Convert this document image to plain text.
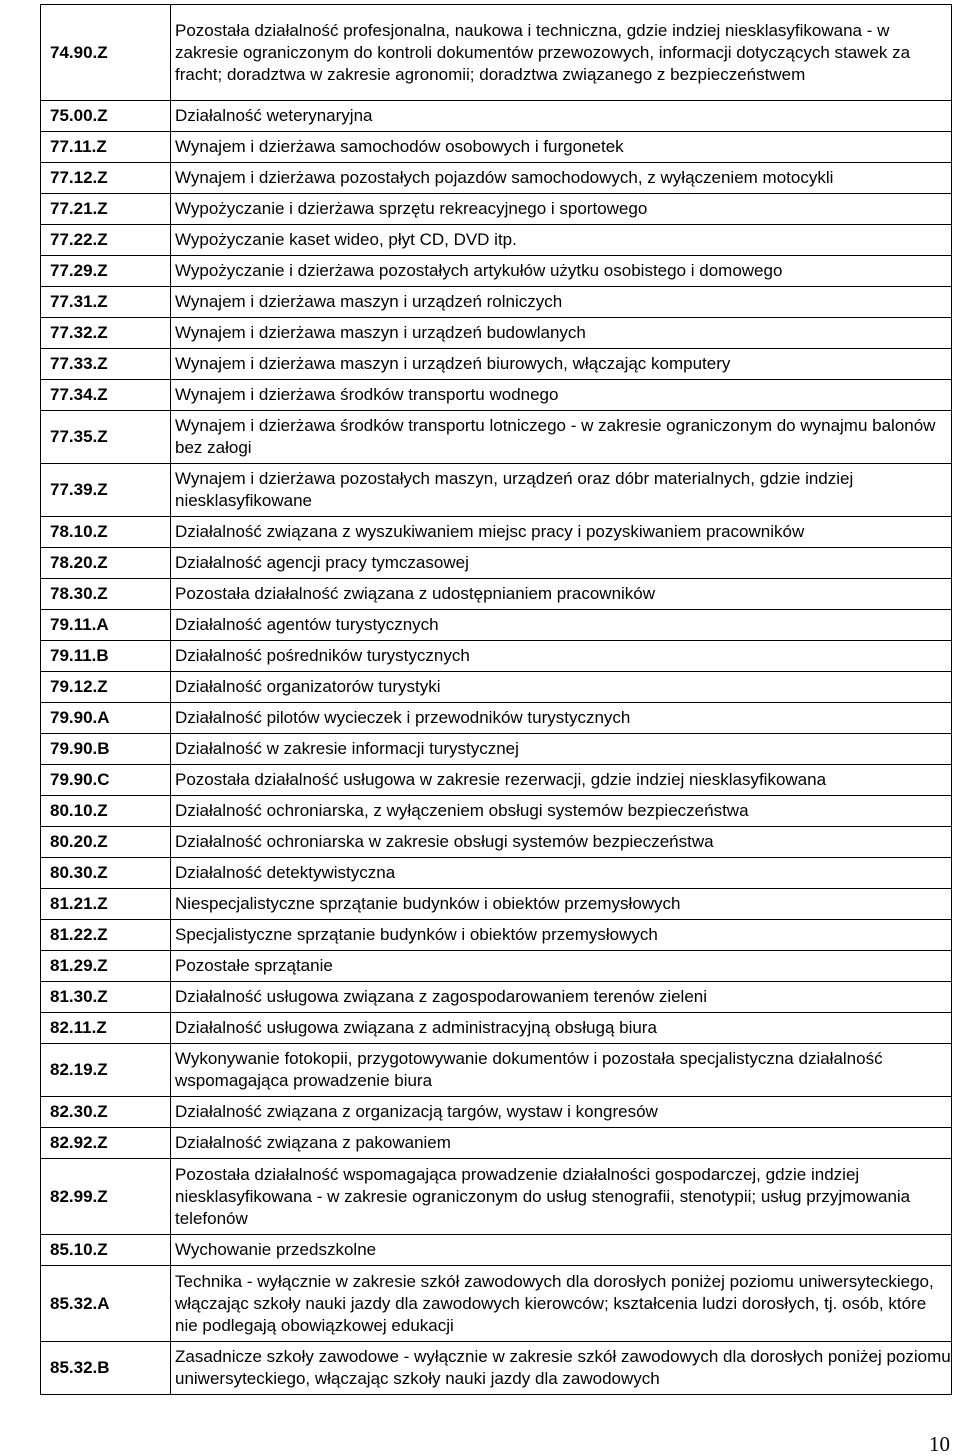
74.90.Z	Pozostała działalność profesjonalna, naukowa i techniczna, gdzie indziej niesklasyfikowana - w zakresie ograniczonym do kontroli dokumentów przewozowych, informacji dotyczących stawek za fracht; doradztwa w zakresie agronomii; doradztwa związanego z bezpieczeństwem
75.00.Z	Działalność weterynaryjna
77.11.Z	Wynajem i dzierżawa samochodów osobowych i furgonetek
77.12.Z	Wynajem i dzierżawa pozostałych pojazdów samochodowych, z wyłączeniem motocykli
77.21.Z	Wypożyczanie i dzierżawa sprzętu rekreacyjnego i sportowego
77.22.Z	Wypożyczanie kaset wideo, płyt CD, DVD itp.
77.29.Z	Wypożyczanie i dzierżawa pozostałych artykułów użytku osobistego i domowego
77.31.Z	Wynajem i dzierżawa maszyn i urządzeń rolniczych
77.32.Z	Wynajem i dzierżawa maszyn i urządzeń budowlanych
77.33.Z	Wynajem i dzierżawa maszyn i urządzeń biurowych, włączając komputery
77.34.Z	Wynajem i dzierżawa środków transportu wodnego
77.35.Z	Wynajem i dzierżawa środków transportu lotniczego - w zakresie ograniczonym do wynajmu balonów bez załogi
77.39.Z	Wynajem i dzierżawa pozostałych maszyn, urządzeń oraz dóbr materialnych, gdzie indziej niesklasyfikowane
78.10.Z	Działalność związana z wyszukiwaniem miejsc pracy i pozyskiwaniem pracowników
78.20.Z	Działalność agencji pracy tymczasowej
78.30.Z	Pozostała działalność związana z udostępnianiem pracowników
79.11.A	Działalność agentów turystycznych
79.11.B	Działalność pośredników turystycznych
79.12.Z	Działalność organizatorów turystyki
79.90.A	Działalność pilotów wycieczek i przewodników turystycznych
79.90.B	Działalność w zakresie informacji turystycznej
79.90.C	Pozostała działalność usługowa w zakresie rezerwacji, gdzie indziej niesklasyfikowana
80.10.Z	Działalność ochroniarska, z wyłączeniem obsługi systemów bezpieczeństwa
80.20.Z	Działalność ochroniarska w zakresie obsługi systemów bezpieczeństwa
80.30.Z	Działalność detektywistyczna
81.21.Z	Niespecjalistyczne sprzątanie budynków i obiektów przemysłowych
81.22.Z	Specjalistyczne sprzątanie budynków i obiektów przemysłowych
81.29.Z	Pozostałe sprzątanie
81.30.Z	Działalność usługowa związana z zagospodarowaniem terenów zieleni
82.11.Z	Działalność usługowa związana z administracyjną obsługą biura
82.19.Z	Wykonywanie fotokopii, przygotowywanie dokumentów i pozostała specjalistyczna działalność wspomagająca prowadzenie biura
82.30.Z	Działalność związana z organizacją targów, wystaw i kongresów
82.92.Z	Działalność związana z pakowaniem
82.99.Z	Pozostała działalność wspomagająca prowadzenie działalności gospodarczej, gdzie indziej niesklasyfikowana - w zakresie ograniczonym do usług stenografii, stenotypii; usług przyjmowania telefonów
85.10.Z	Wychowanie przedszkolne
85.32.A	Technika - wyłącznie w zakresie szkół zawodowych dla dorosłych poniżej poziomu uniwersyteckiego, włączając szkoły nauki jazdy dla zawodowych kierowców; kształcenia ludzi dorosłych, tj. osób, które nie podlegają obowiązkowej edukacji
85.32.B	Zasadnicze szkoły zawodowe - wyłącznie w zakresie szkół zawodowych dla dorosłych poniżej poziomu uniwersyteckiego, włączając szkoły nauki jazdy dla zawodowych
10
